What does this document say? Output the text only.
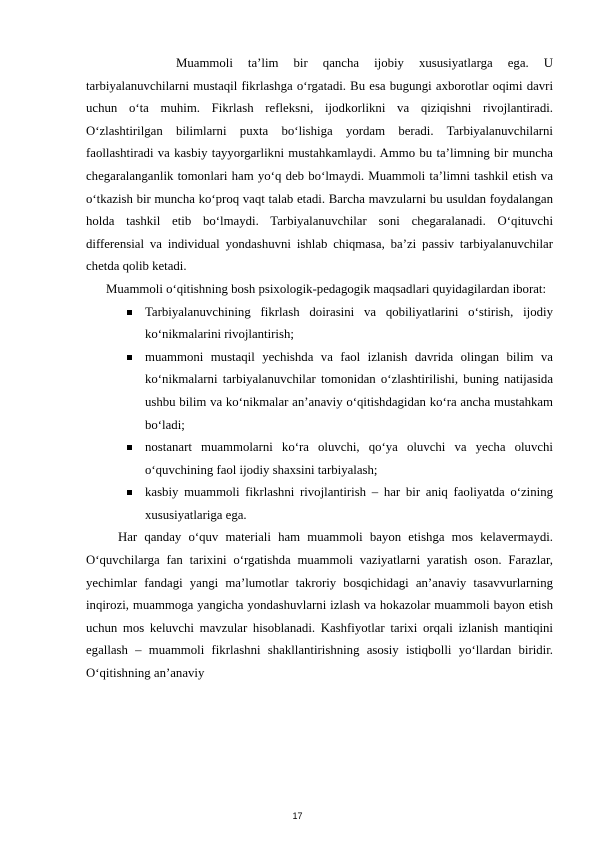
Muammoli ta’lim bir qancha ijobiy xususiyatlarga ega. U tarbiyalanuvchilarni mustaqil fikrlashga o‘rgatadi. Bu esa bugungi axborotlar oqimi davri uchun o‘ta muhim. Fikrlash refleksni, ijodkorlikni va qiziqishni rivojlantiradi. O‘zlashtirilgan bilimlarni puxta bo‘lishiga yordam beradi. Tarbiyalanuvchilarni faollashtiradi va kasbiy tayyorgarlikni mustahkamlaydi. Ammo bu ta’limning bir muncha chegaralanganlik tomonlari ham yo‘q deb bo‘lmaydi. Muammoli ta’limni tashkil etish va o‘tkazish bir muncha ko‘proq vaqt talab etadi. Barcha mavzularni bu usuldan foydalangan holda tashkil etib bo‘lmaydi. Tarbiyalanuvchilar soni chegaralanadi. O‘qituvchi differensial va individual yondashuvni ishlab chiqmasa, ba’zi passiv tarbiyalanuvchilar chetda qolib ketadi.

Muammoli o‘qitishning bosh psixologik-pedagogik maqsadlari quyidagilardan iborat:

Tarbiyalanuvchining fikrlash doirasini va qobiliyatlarini o‘stirish, ijodiy ko‘nikmalarini rivojlantirish;
muammoni mustaqil yechishda va faol izlanish davrida olingan bilim va ko‘nikmalarni tarbiyalanuvchilar tomonidan o‘zlashtirilishi, buning natijasida ushbu bilim va ko‘nikmalar an’anaviy o‘qitishdagidan ko‘ra ancha mustahkam bo‘ladi;
nostanart muammolarni ko‘ra oluvchi, qo‘ya oluvchi va yecha oluvchi o‘quvchining faol ijodiy shaxsini tarbiyalash;
kasbiy muammoli fikrlashni rivojlantirish – har bir aniq faoliyatda o‘zining xususiyatlariga ega.

Har qanday o‘quv materiali ham muammoli bayon etishga mos kelavermaydi. O‘quvchilarga fan tarixini o‘rgatishda muammoli vaziyatlarni yaratish oson. Farazlar, yechimlar fandagi yangi ma’lumotlar takroriy bosqichidagi an’anaviy tasavvurlarning inqirozi, muammoga yangicha yondashuvlarni izlash va hokazolar muammoli bayon etish uchun mos keluvchi mavzular hisoblanadi. Kashfiyotlar tarixi orqali izlanish mantiqini egallash – muammoli fikrlashni shakllantirishning asosiy istiqbolli yo‘llardan biridir. O‘qitishning an’anaviy

17
